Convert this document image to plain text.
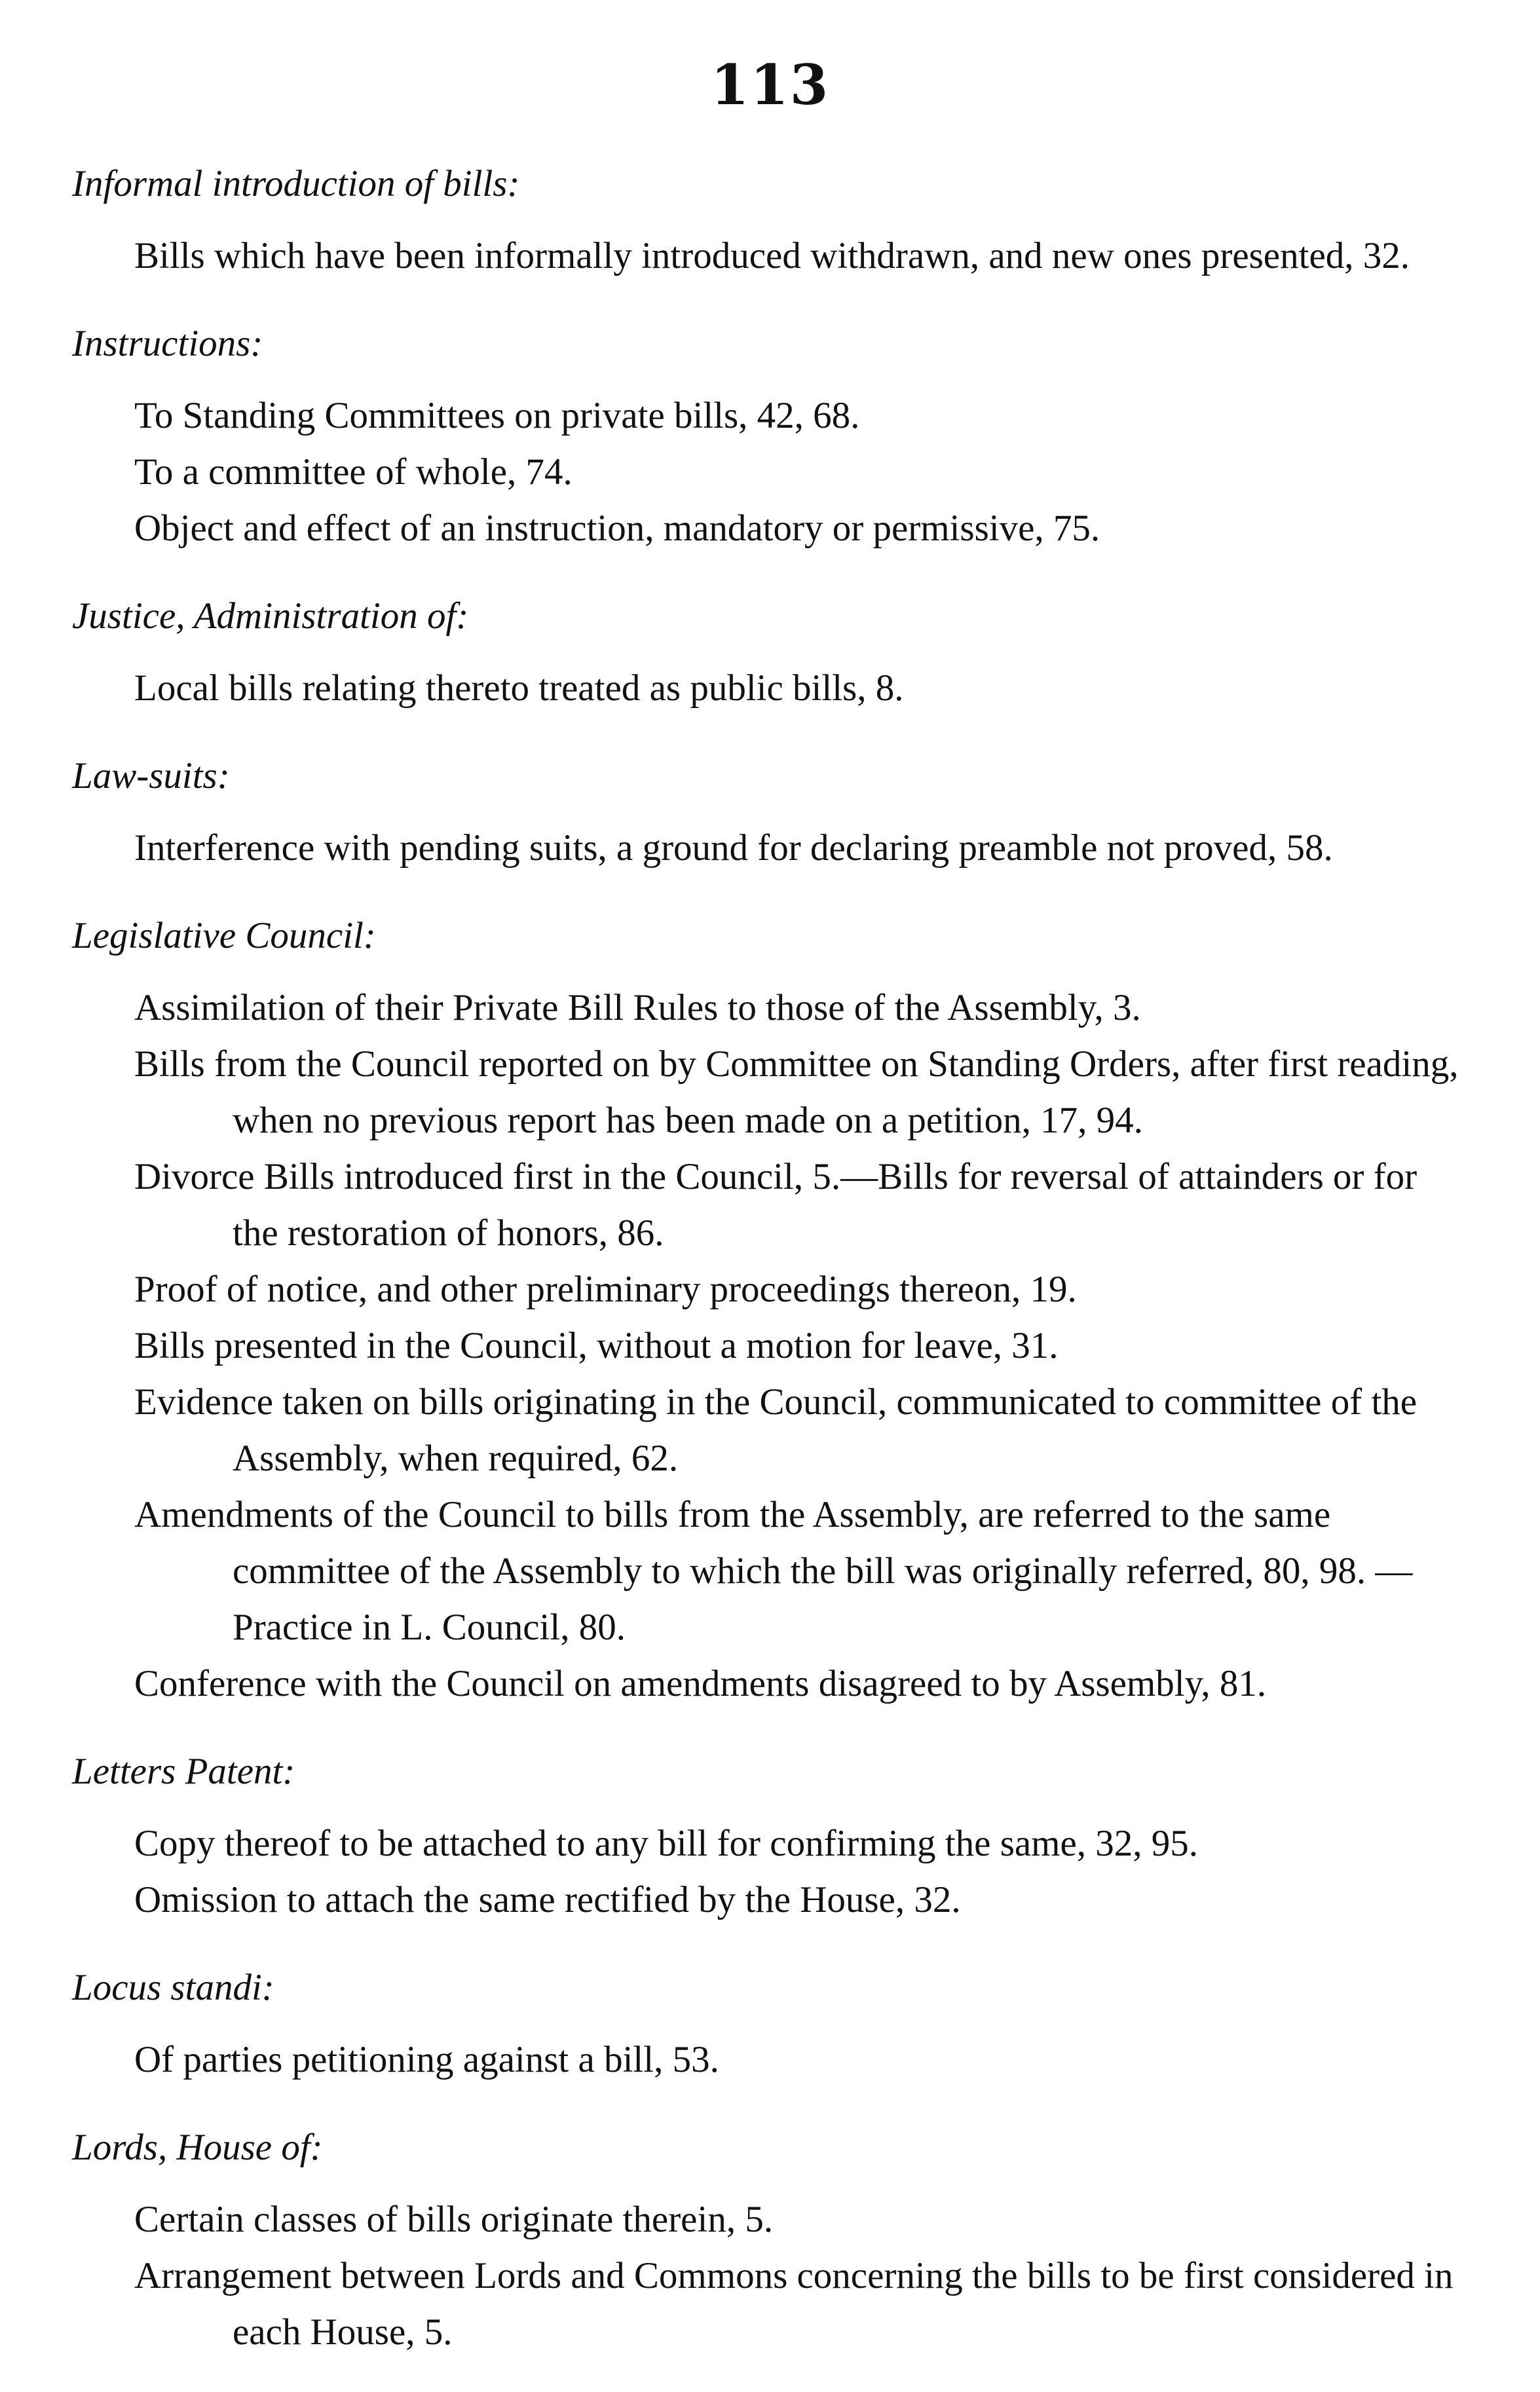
113
Informal introduction of bills:
Bills which have been informally introduced withdrawn, and new ones presented, 32.
Instructions:
To Standing Committees on private bills, 42, 68.
To a committee of whole, 74.
Object and effect of an instruction, mandatory or permissive, 75.
Justice, Administration of:
Local bills relating thereto treated as public bills, 8.
Law-suits:
Interference with pending suits, a ground for declaring preamble not proved, 58.
Legislative Council:
Assimilation of their Private Bill Rules to those of the Assembly, 3.
Bills from the Council reported on by Committee on Standing Orders, after first reading, when no previous report has been made on a petition, 17, 94.
Divorce Bills introduced first in the Council, 5.—Bills for reversal of attainders or for the restoration of honors, 86.
Proof of notice, and other preliminary proceedings thereon, 19.
Bills presented in the Council, without a motion for leave, 31.
Evidence taken on bills originating in the Council, communicated to committee of the Assembly, when required, 62.
Amendments of the Council to bills from the Assembly, are referred to the same committee of the Assembly to which the bill was originally referred, 80, 98. —Practice in L. Council, 80.
Conference with the Council on amendments disagreed to by Assembly, 81.
Letters Patent:
Copy thereof to be attached to any bill for confirming the same, 32, 95.
Omission to attach the same rectified by the House, 32.
Locus standi:
Of parties petitioning against a bill, 53.
Lords, House of:
Certain classes of bills originate therein, 5.
Arrangement between Lords and Commons concerning the bills to be first considered in each House, 5.
